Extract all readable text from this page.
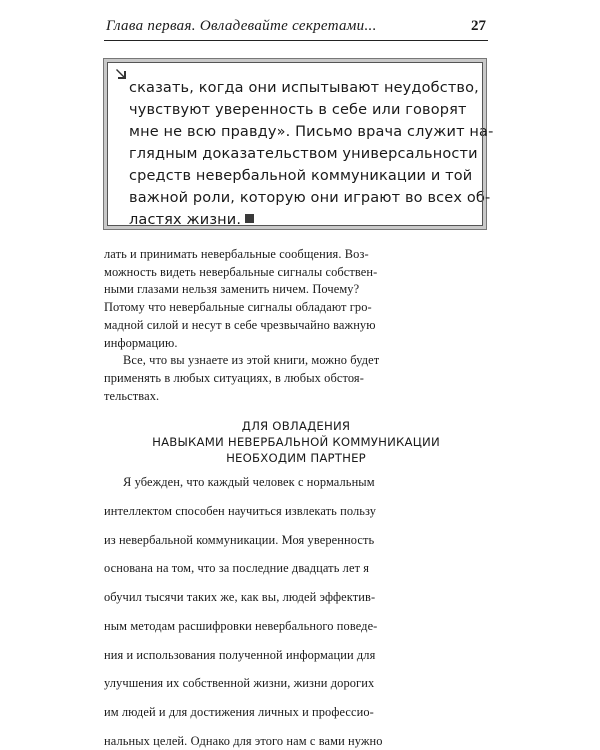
Глава первая. Овладевайте секретами...	27
сказать, когда они испытывают неудобство,
чувствуют уверенность в себе или говорят
мне не всю правду». Письмо врача служит на-
глядным доказательством универсальности
средств невербальной коммуникации и той
важной роли, которую они играют во всех об-
ластях жизни.
лать и принимать невербальные сообщения. Воз-
можность видеть невербальные сигналы собствен-
ными глазами нельзя заменить ничем. Почему?
Потому что невербальные сигналы обладают гро-
мадной силой и несут в себе чрезвычайно важную
информацию.
Все, что вы узнаете из этой книги, можно будет
применять в любых ситуациях, в любых обстоя-
тельствах.
ДЛЯ ОВЛАДЕНИЯ
НАВЫКАМИ НЕВЕРБАЛЬНОЙ КОММУНИКАЦИИ
НЕОБХОДИМ ПАРТНЕР
Я убежден, что каждый человек с нормальным
интеллектом способен научиться извлекать пользу
из невербальной коммуникации. Моя уверенность
основана на том, что за последние двадцать лет я
обучил тысячи таких же, как вы, людей эффектив-
ным методам расшифровки невербального поведе-
ния и использования полученной информации для
улучшения их собственной жизни, жизни дорогих
им людей и для достижения личных и профессио-
нальных целей. Однако для этого нам с вами нужно
